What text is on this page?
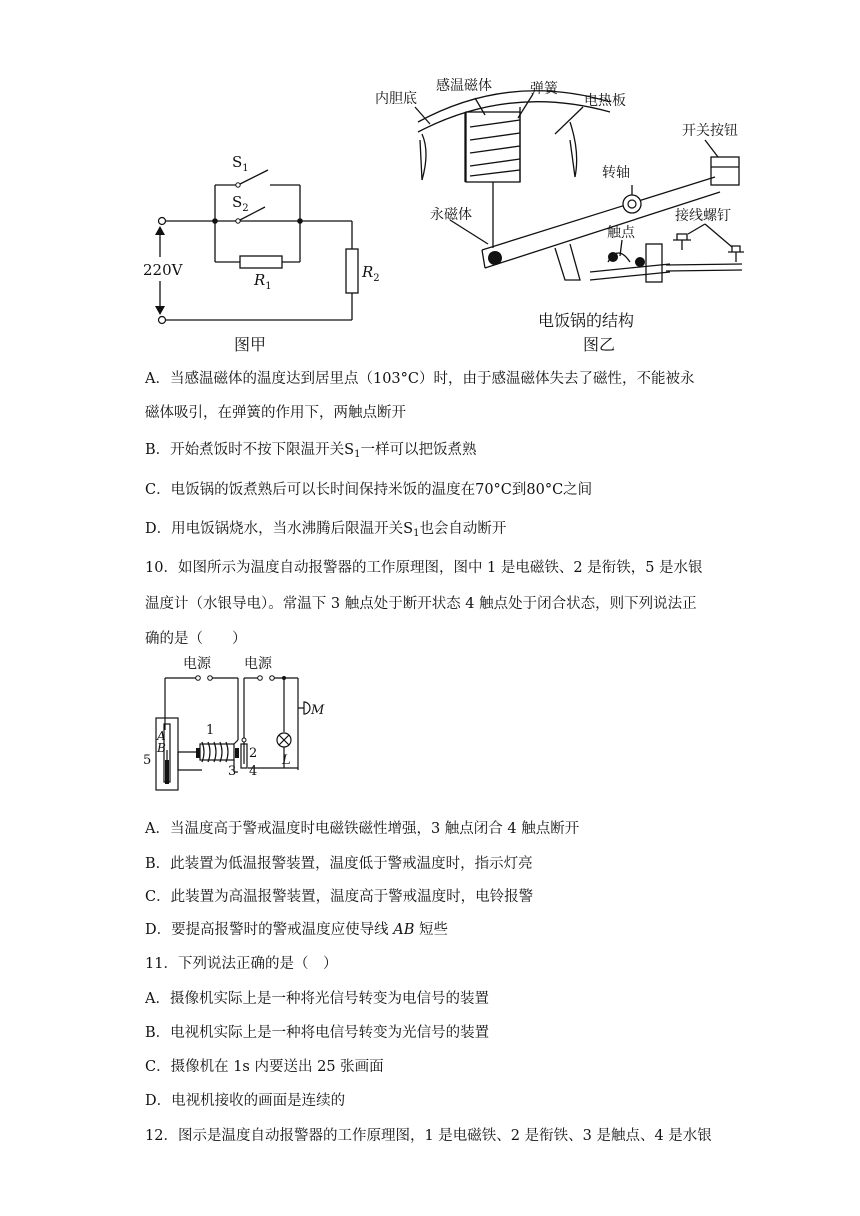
$S_1$
$S_2$
$R_1$
$R_2$
220V
图甲
内胆底
感温磁体	弹簧
电热板
开关按钮
转轴
永磁体	接线螺钉
触点
电饭锅的结构
图乙
A．当感温磁体的温度达到居里点（103°C）时，由于感温磁体失去了磁性，不能被永
磁体吸引，在弹簧的作用下，两触点断开
B．开始煮饭时不按下限温开关$S_1$一样可以把饭煮熟
C．电饭锅的饭煮熟后可以长时间保持米饭的温度在70°C到80°C之间
D．用电饭锅烧水，当水沸腾后限温开关$S_1$也会自动断开
10．如图所示为温度自动报警器的工作原理图，图中 1 是电磁铁、2 是衔铁，5 是水银
温度计（水银导电）。常温下 3 触点处于断开状态 4 触点处于闭合状态，则下列说法正
确的是（　　）
电源 电源
1
2
3 4
5
A
B
M
L
A．当温度高于警戒温度时电磁铁磁性增强，3 触点闭合 4 触点断开
B．此装置为低温报警装置，温度低于警戒温度时，指示灯亮
C．此装置为高温报警装置，温度高于警戒温度时，电铃报警
D．要提高报警时的警戒温度应使导线 AB 短些
11．下列说法正确的是（　）
A．摄像机实际上是一种将光信号转变为电信号的装置
B．电视机实际上是一种将电信号转变为光信号的装置
C．摄像机在 1s 内要送出 25 张画面
D．电视机接收的画面是连续的
12．图示是温度自动报警器的工作原理图，1 是电磁铁、2 是衔铁、3 是触点、4 是水银
